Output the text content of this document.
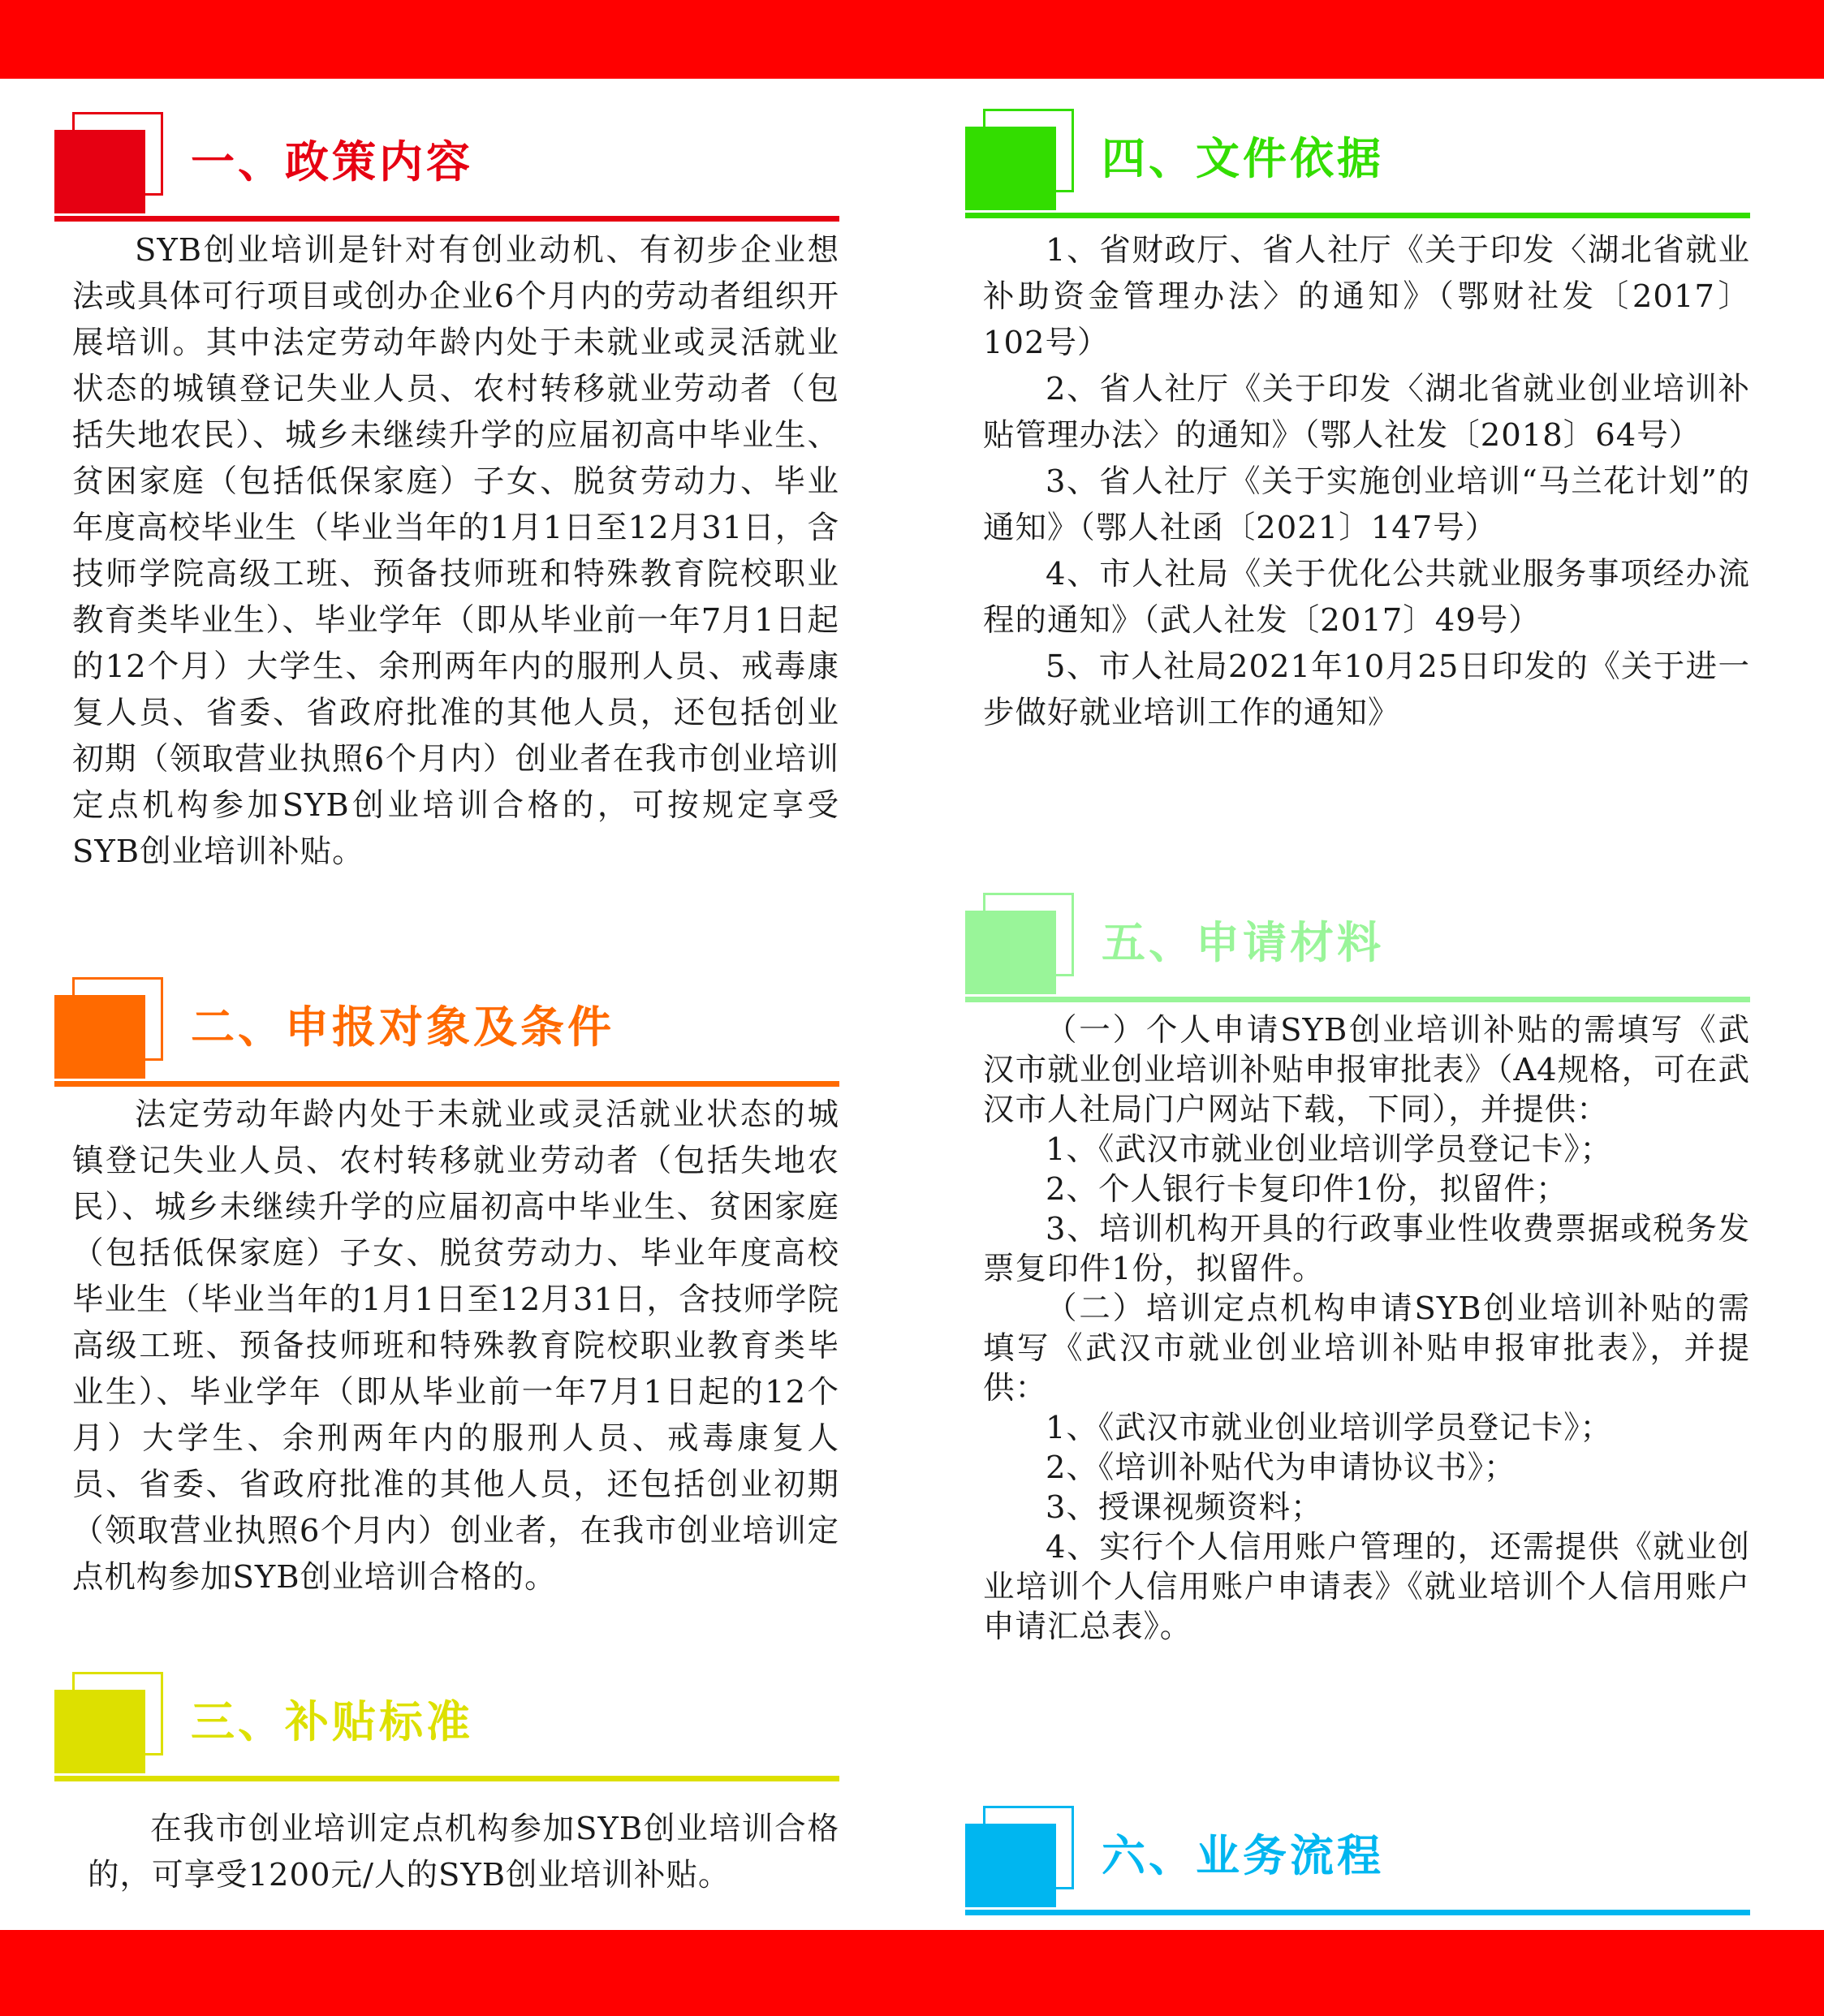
一、政策内容

SYB创业培训是针对有创业动机、有初步企业想法或具体可行项目或创办企业6个月内的劳动者组织开展培训。其中法定劳动年龄内处于未就业或灵活就业状态的城镇登记失业人员、农村转移就业劳动者（包括失地农民）、城乡未继续升学的应届初高中毕业生、贫困家庭（包括低保家庭）子女、脱贫劳动力、毕业年度高校毕业生（毕业当年的1月1日至12月31日，含技师学院高级工班、预备技师班和特殊教育院校职业教育类毕业生）、毕业学年（即从毕业前一年7月1日起的12个月）大学生、余刑两年内的服刑人员、戒毒康复人员、省委、省政府批准的其他人员，还包括创业初期（领取营业执照6个月内）创业者在我市创业培训定点机构参加SYB创业培训合格的，可按规定享受SYB创业培训补贴。

二、申报对象及条件

法定劳动年龄内处于未就业或灵活就业状态的城镇登记失业人员、农村转移就业劳动者（包括失地农民）、城乡未继续升学的应届初高中毕业生、贫困家庭（包括低保家庭）子女、脱贫劳动力、毕业年度高校毕业生（毕业当年的1月1日至12月31日，含技师学院高级工班、预备技师班和特殊教育院校职业教育类毕业生）、毕业学年（即从毕业前一年7月1日起的12个月）大学生、余刑两年内的服刑人员、戒毒康复人员、省委、省政府批准的其他人员，还包括创业初期（领取营业执照6个月内）创业者，在我市创业培训定点机构参加SYB创业培训合格的。

三、补贴标准

在我市创业培训定点机构参加SYB创业培训合格的，可享受1200元/人的SYB创业培训补贴。

四、文件依据

1、省财政厅、省人社厅《关于印发〈湖北省就业补助资金管理办法〉的通知》（鄂财社发〔2017〕102号）

2、省人社厅《关于印发〈湖北省就业创业培训补贴管理办法〉的通知》（鄂人社发〔2018〕64号）

3、省人社厅《关于实施创业培训“马兰花计划”的通知》（鄂人社函〔2021〕147号）

4、市人社局《关于优化公共就业服务事项经办流程的通知》（武人社发〔2017〕49号）

5、市人社局2021年10月25日印发的《关于进一步做好就业培训工作的通知》

五、申请材料

（一）个人申请SYB创业培训补贴的需填写《武汉市就业创业培训补贴申报审批表》（A4规格，可在武汉市人社局门户网站下载，下同），并提供：

1、《武汉市就业创业培训学员登记卡》；

2、个人银行卡复印件1份，拟留件；

3、培训机构开具的行政事业性收费票据或税务发票复印件1份，拟留件。

（二）培训定点机构申请SYB创业培训补贴的需填写《武汉市就业创业培训补贴申报审批表》，并提供：

1、《武汉市就业创业培训学员登记卡》；

2、《培训补贴代为申请协议书》；

3、授课视频资料；

4、实行个人信用账户管理的，还需提供《就业创业培训个人信用账户申请表》《就业培训个人信用账户申请汇总表》。

六、业务流程
